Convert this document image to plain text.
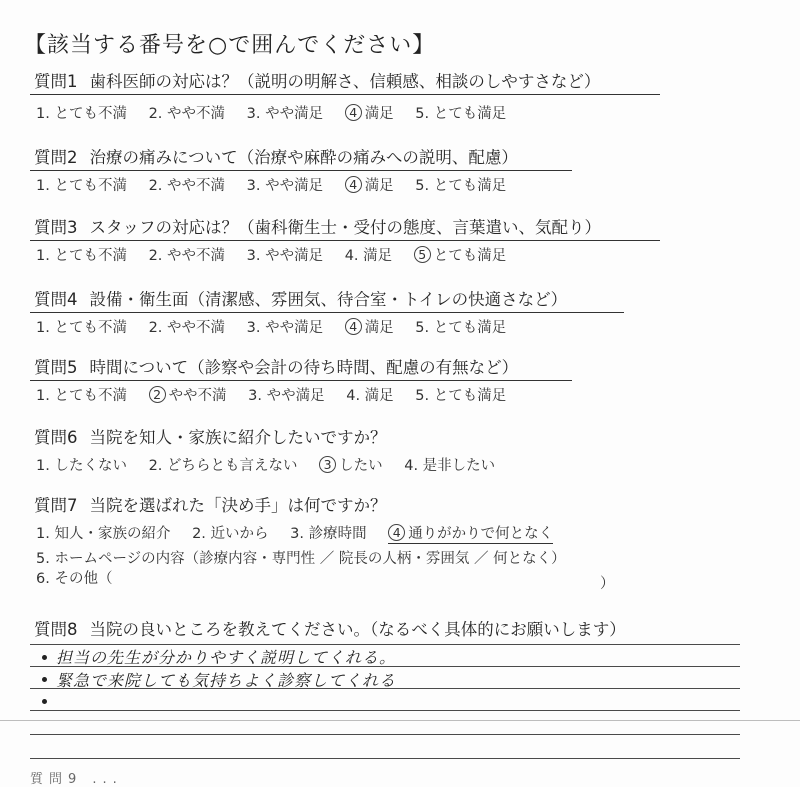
【該当する番号を○で囲んでください】
質問1 歯科医師の対応は？（説明の明解さ、信頼感、相談のしやすさなど）
1. とても不満 2. やや不満 3. やや満足 4 満足 5. とても満足
質問2 治療の痛みについて（治療や麻酔の痛みへの説明、配慮）
1. とても不満 2. やや不満 3. やや満足 4 満足 5. とても満足
質問3 スタッフの対応は？（歯科衛生士・受付の態度、言葉遣い、気配り）
1. とても不満 2. やや不満 3. やや満足 4. 満足 5 とても満足
質問4 設備・衛生面（清潔感、雰囲気、待合室・トイレの快適さなど）
1. とても不満 2. やや不満 3. やや満足 4 満足 5. とても満足
質問5 時間について（診察や会計の待ち時間、配慮の有無など）
1. とても不満 2 やや不満 3. やや満足 4. 満足 5. とても満足
質問6 当院を知人・家族に紹介したいですか？
1. したくない 2. どちらとも言えない 3 したい 4. 是非したい
質問7 当院を選ばれた「決め手」は何ですか？
1. 知人・家族の紹介 2. 近いから 3. 診療時間 4 通りがかりで何となく
5. ホームページの内容（診療内容・専門性 ／ 院長の人柄・雰囲気 ／ 何となく）
6. その他（	）
質問8 当院の良いところを教えてください。（なるべく具体的にお願いします）
担当の先生が分かりやすく説明してくれる。
緊急で来院しても気持ちよく診察してくれる
質問9 ...
